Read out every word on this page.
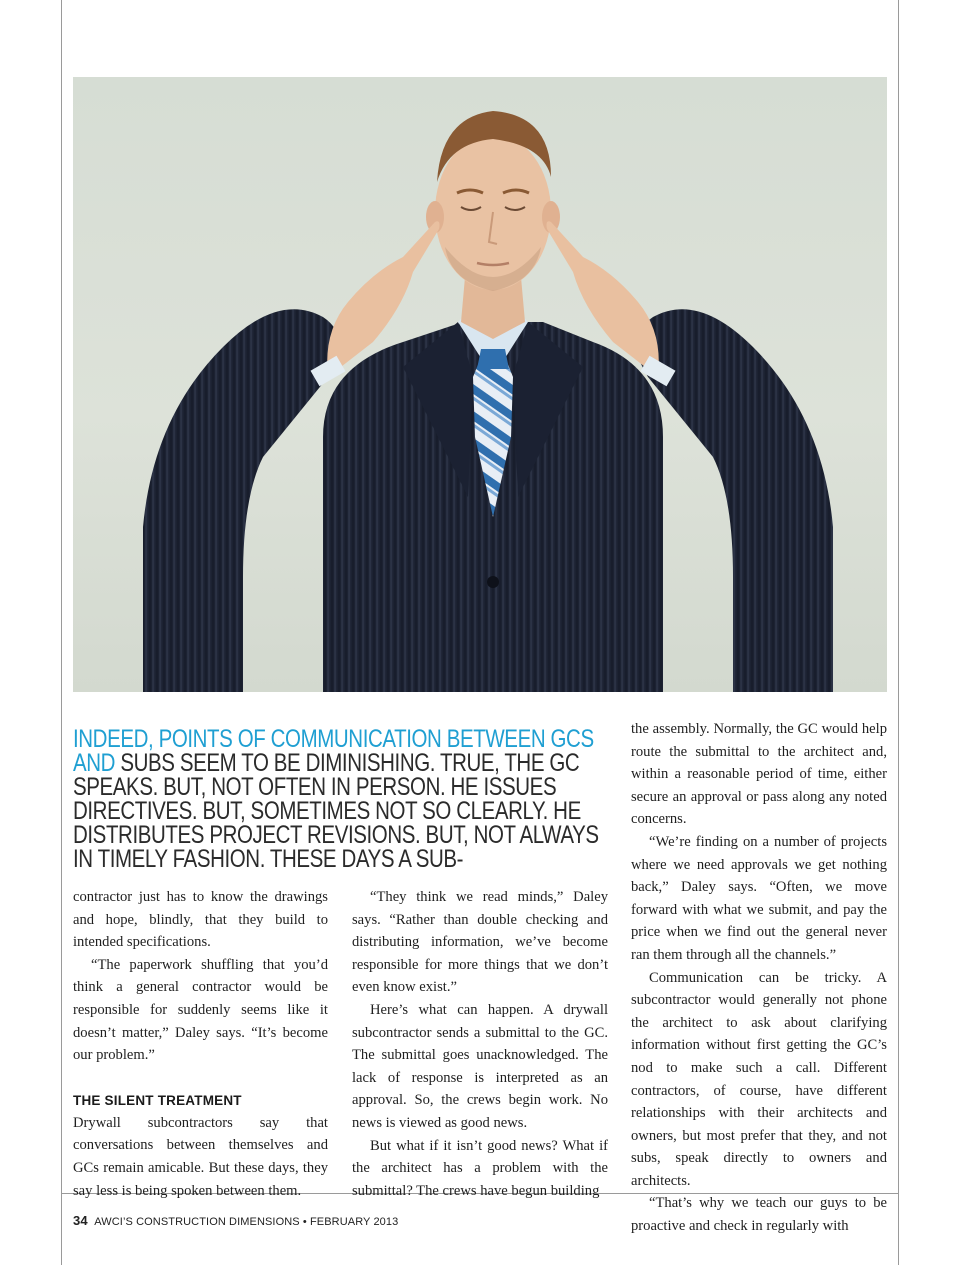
INDEED, POINTS OF COMMUNICATION BETWEEN GCS AND SUBS SEEM TO BE DIMINISHING. TRUE, THE GC SPEAKS. BUT, NOT OFTEN IN PERSON. HE ISSUES DIRECTIVES. BUT, SOMETIMES NOT SO CLEARLY. HE DISTRIBUTES PROJECT REVISIONS. BUT, NOT ALWAYS IN TIMELY FASHION. THESE DAYS A SUB-

contractor just has to know the drawings and hope, blindly, that they build to intended specifications.

“The paperwork shuffling that you’d think a general contractor would be responsible for suddenly seems like it doesn’t matter,” Daley says. “It’s become our problem.”

THE SILENT TREATMENT

Drywall subcontractors say that conversations between themselves and GCs remain amicable. But these days, they say less is being spoken between them.

“They think we read minds,” Daley says. “Rather than double checking and distributing information, we’ve become responsible for more things that we don’t even know exist.”

Here’s what can happen. A drywall subcontractor sends a submittal to the GC. The submittal goes unacknowledged. The lack of response is interpreted as an approval. So, the crews begin work. No news is viewed as good news.

But what if it isn’t good news? What if the architect has a problem with the submittal? The crews have begun building

the assembly. Normally, the GC would help route the submittal to the architect and, within a reasonable period of time, either secure an approval or pass along any noted concerns.

“We’re finding on a number of projects where we need approvals we get nothing back,” Daley says. “Often, we move forward with what we submit, and pay the price when we find out the general never ran them through all the channels.”

Communication can be tricky. A subcontractor would generally not phone the architect to ask about clarifying information without first getting the GC’s nod to make such a call. Different contractors, of course, have different relationships with their architects and owners, but most prefer that they, and not subs, speak directly to owners and architects.

“That’s why we teach our guys to be proactive and check in regularly with

34 AWCI’S CONSTRUCTION DIMENSIONS • FEBRUARY 2013
